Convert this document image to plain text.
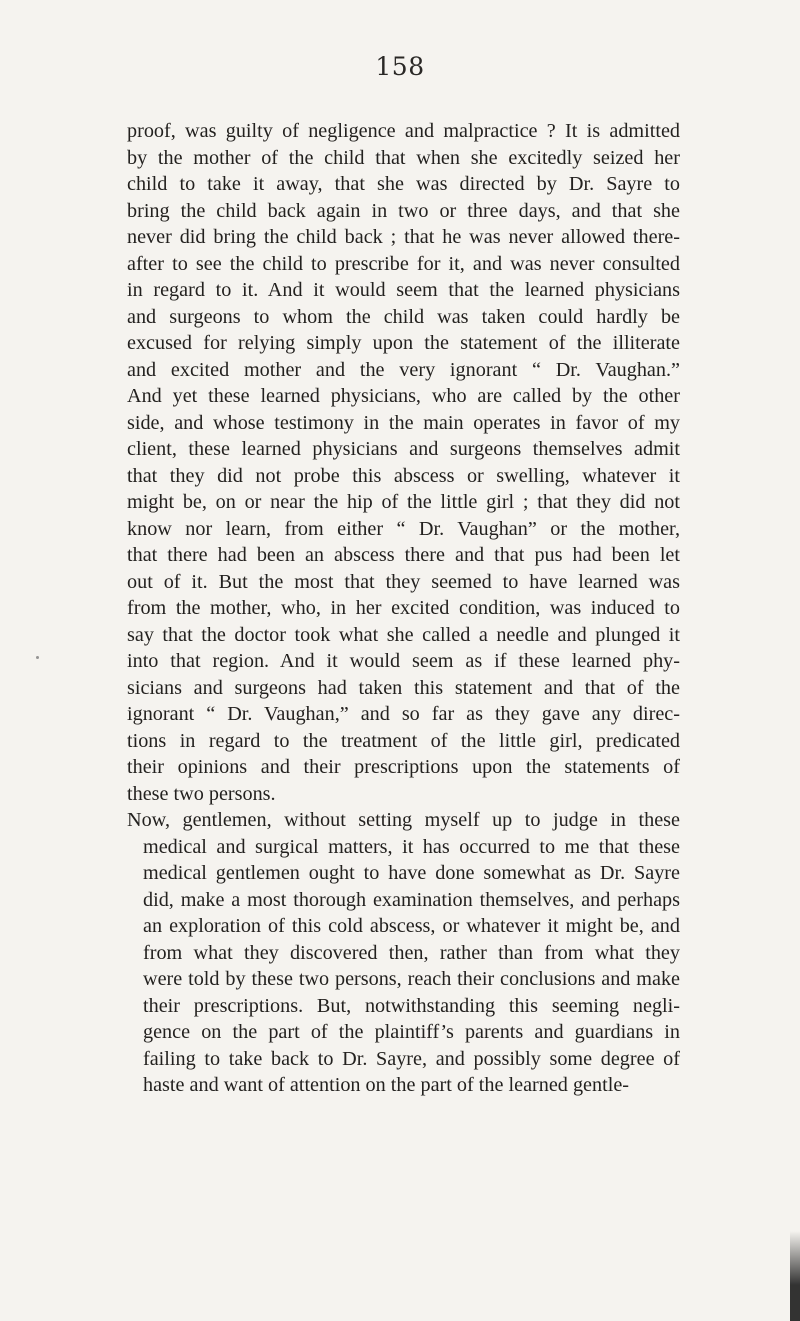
158
proof, was guilty of negligence and malpractice ? It is admitted
by the mother of the child that when she excitedly seized her
child to take it away, that she was directed by Dr. Sayre to
bring the child back again in two or three days, and that she
never did bring the child back ; that he was never allowed there-
after to see the child to prescribe for it, and was never consulted
in regard to it. And it would seem that the learned physicians
and surgeons to whom the child was taken could hardly be
excused for relying simply upon the statement of the illiterate
and excited mother and the very ignorant “ Dr. Vaughan.”
And yet these learned physicians, who are called by the other
side, and whose testimony in the main operates in favor of my
client, these learned physicians and surgeons themselves admit
that they did not probe this abscess or swelling, whatever it
might be, on or near the hip of the little girl ; that they did not
know nor learn, from either “ Dr. Vaughan” or the mother,
that there had been an abscess there and that pus had been let
out of it. But the most that they seemed to have learned was
from the mother, who, in her excited condition, was induced to
say that the doctor took what she called a needle and plunged it
into that region. And it would seem as if these learned phy-
sicians and surgeons had taken this statement and that of the
ignorant “ Dr. Vaughan,” and so far as they gave any direc-
tions in regard to the treatment of the little girl, predicated
their opinions and their prescriptions upon the statements of
these two persons.
Now, gentlemen, without setting myself up to judge in these
medical and surgical matters, it has occurred to me that these
medical gentlemen ought to have done somewhat as Dr. Sayre
did, make a most thorough examination themselves, and perhaps
an exploration of this cold abscess, or whatever it might be, and
from what they discovered then, rather than from what they
were told by these two persons, reach their conclusions and make
their prescriptions. But, notwithstanding this seeming negli-
gence on the part of the plaintiff’s parents and guardians in
failing to take back to Dr. Sayre, and possibly some degree of
haste and want of attention on the part of the learned gentle-
